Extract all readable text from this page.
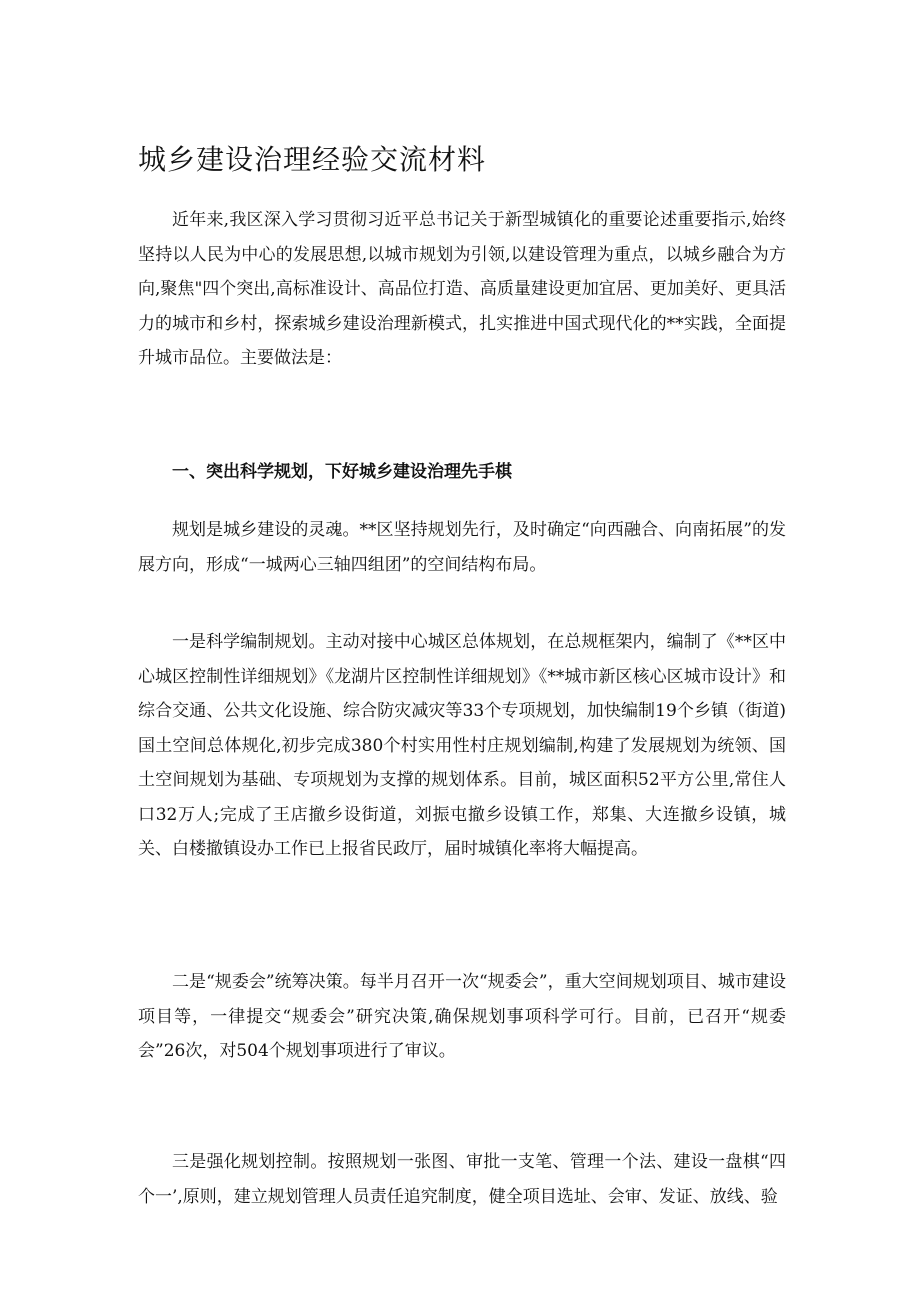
城乡建设治理经验交流材料

近年来,我区深入学习贯彻习近平总书记关于新型城镇化的重要论述重要指示,始终坚持以人民为中心的发展思想,以城市规划为引领,以建设管理为重点，以城乡融合为方向,聚焦"四个突出,高标准设计、高品位打造、高质量建设更加宜居、更加美好、更具活力的城市和乡村，探索城乡建设治理新模式，扎实推进中国式现代化的**实践，全面提升城市品位。主要做法是：

一、突出科学规划，下好城乡建设治理先手棋

规划是城乡建设的灵魂。**区坚持规划先行，及时确定“向西融合、向南拓展”的发展方向，形成“一城两心三轴四组团”的空间结构布局。

一是科学编制规划。主动对接中心城区总体规划，在总规框架内，编制了《**区中心城区控制性详细规划》《龙湖片区控制性详细规划》《**城市新区核心区城市设计》和综合交通、公共文化设施、综合防灾减灾等33个专项规划，加快编制19个乡镇（街道)国土空间总体规化,初步完成380个村实用性村庄规划编制,构建了发展规划为统领、国土空间规划为基础、专项规划为支撑的规划体系。目前，城区面积52平方公里,常住人口32万人;完成了王店撤乡设街道，刘振屯撤乡设镇工作，郑集、大连撤乡设镇，城关、白楼撤镇设办工作已上报省民政厅，届时城镇化率将大幅提高。

二是“规委会”统筹决策。每半月召开一次“规委会”，重大空间规划项目、城市建设项目等，一律提交“规委会”研究决策,确保规划事项科学可行。目前，已召开“规委会”26次，对504个规划事项进行了审议。

三是强化规划控制。按照规划一张图、审批一支笔、管理一个法、建设一盘棋“四个一’,原则，建立规划管理人员责任追究制度，健全项目选址、会审、发证、放线、验
